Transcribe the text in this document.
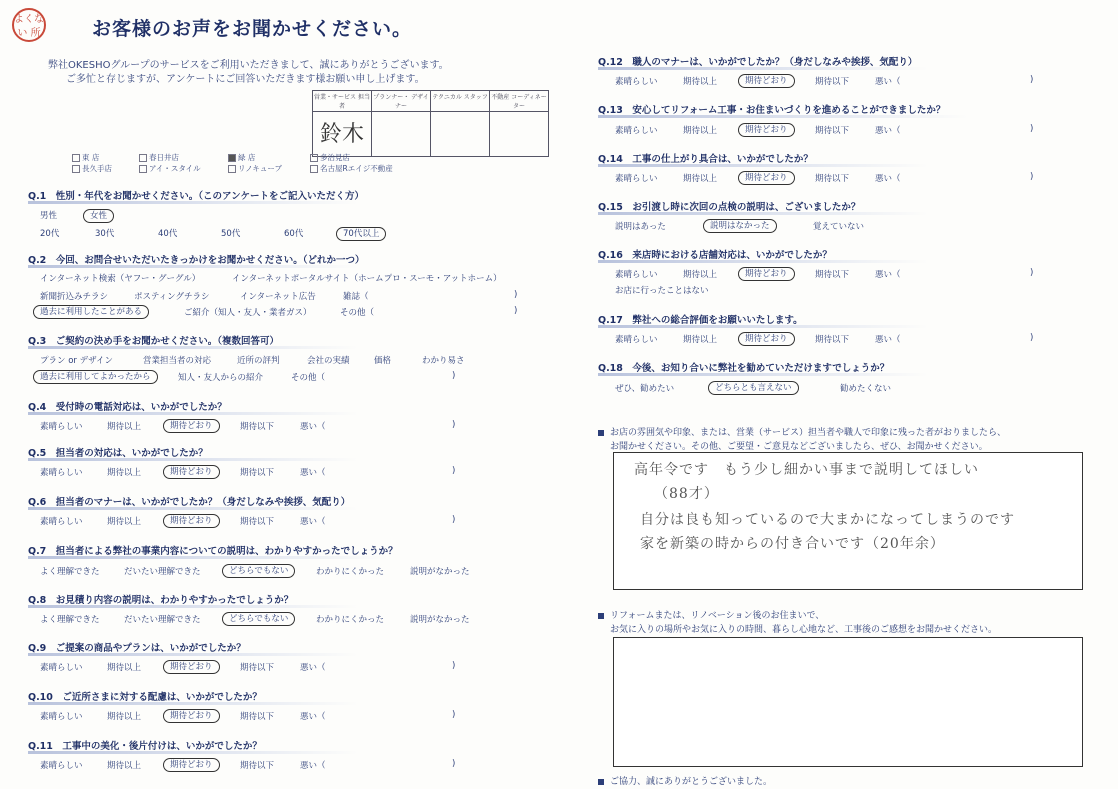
よくない 所	お客様のお声をお聞かせください。
弊社OKESHOグループのサービスをご利用いただきまして、誠にありがとうございます。
ご多忙と存じますが、アンケートにご回答いただきます様お願い申し上げます。
営業・サービス 担当者	プランナー・ デザイナー	テクニカル スタッフ	不動産 コーディネーター

鈴木			

東 店	春日井店	緑 店	多治見店
長久手店	アイ・スタイル	リノキューブ	名古屋Rエイジ不動産
Q.1　性別・年代をお聞かせください。（このアンケートをご記入いただく方）
男性	女性
20代	30代	40代	50代	60代	70代以上
Q.2　今回、お問合せいただいたきっかけをお聞かせください。（どれか一つ）
インターネット検索（ヤフー・グーグル）	インターネットポータルサイト（ホームプロ・スーモ・アットホーム）
新聞折込みチラシ	ポスティングチラシ	インターネット広告	雑誌（	)
過去に利用したことがある	ご紹介（知人・友人・業者ガス）	その他（	)
Q.3　ご契約の決め手をお聞かせください。（複数回答可）
プラン or デザイン	営業担当者の対応	近所の評判	会社の実績	価格	わかり易さ
過去に利用してよかったから	知人・友人からの紹介	その他（	)
Q.4　受付時の電話対応は、いかがでしたか？
素晴らしい	期待以上	期待どおり	期待以下	悪い（	)
Q.5　担当者の対応は、いかがでしたか？
素晴らしい	期待以上	期待どおり	期待以下	悪い（	)
Q.6　担当者のマナーは、いかがでしたか？（身だしなみや挨拶、気配り）
素晴らしい	期待以上	期待どおり	期待以下	悪い（	)
Q.7　担当者による弊社の事業内容についての説明は、わかりやすかったでしょうか？
よく理解できた	だいたい理解できた	どちらでもない	わかりにくかった	説明がなかった
Q.8　お見積り内容の説明は、わかりやすかったでしょうか？
よく理解できた	だいたい理解できた	どちらでもない	わかりにくかった	説明がなかった
Q.9　ご提案の商品やプランは、いかがでしたか？
素晴らしい	期待以上	期待どおり	期待以下	悪い（	)
Q.10　ご近所さまに対する配慮は、いかがでしたか？
素晴らしい	期待以上	期待どおり	期待以下	悪い（	)
Q.11　工事中の美化・後片付けは、いかがでしたか？
素晴らしい	期待以上	期待どおり	期待以下	悪い（	)
Q.12　職人のマナーは、いかがでしたか？（身だしなみや挨拶、気配り）
素晴らしい	期待以上	期待どおり	期待以下	悪い（	)
Q.13　安心してリフォーム工事・お住まいづくりを進めることができましたか？
素晴らしい	期待以上	期待どおり	期待以下	悪い（	)
Q.14　工事の仕上がり具合は、いかがでしたか？
素晴らしい	期待以上	期待どおり	期待以下	悪い（	)
Q.15　お引渡し時に次回の点検の説明は、ございましたか？
説明はあった	説明はなかった	覚えていない
Q.16　来店時における店舗対応は、いかがでしたか？
素晴らしい	期待以上	期待どおり	期待以下	悪い（	)
お店に行ったことはない
Q.17　弊社への総合評価をお願いいたします。
素晴らしい	期待以上	期待どおり	期待以下	悪い（	)
Q.18　今後、お知り合いに弊社を勧めていただけますでしょうか？
ぜひ、勧めたい	どちらとも言えない	勧めたくない
お店の雰囲気や印象、または、営業（サービス）担当者や職人で印象に残った者がおりましたら、
お聞かせください。その他、ご要望・ご意見などございましたら、ぜひ、お聞かせください。
高年令です　もう少し細かい事まで説明してほしい
（88才）
自分は良も知っているので大まかになってしまうのです
家を新築の時からの付き合いです（20年余）
リフォームまたは、リノベーション後のお住まいで、
お気に入りの場所やお気に入りの時間、暮らし心地など、工事後のご感想をお聞かせください。
ご協力、誠にありがとうございました。
